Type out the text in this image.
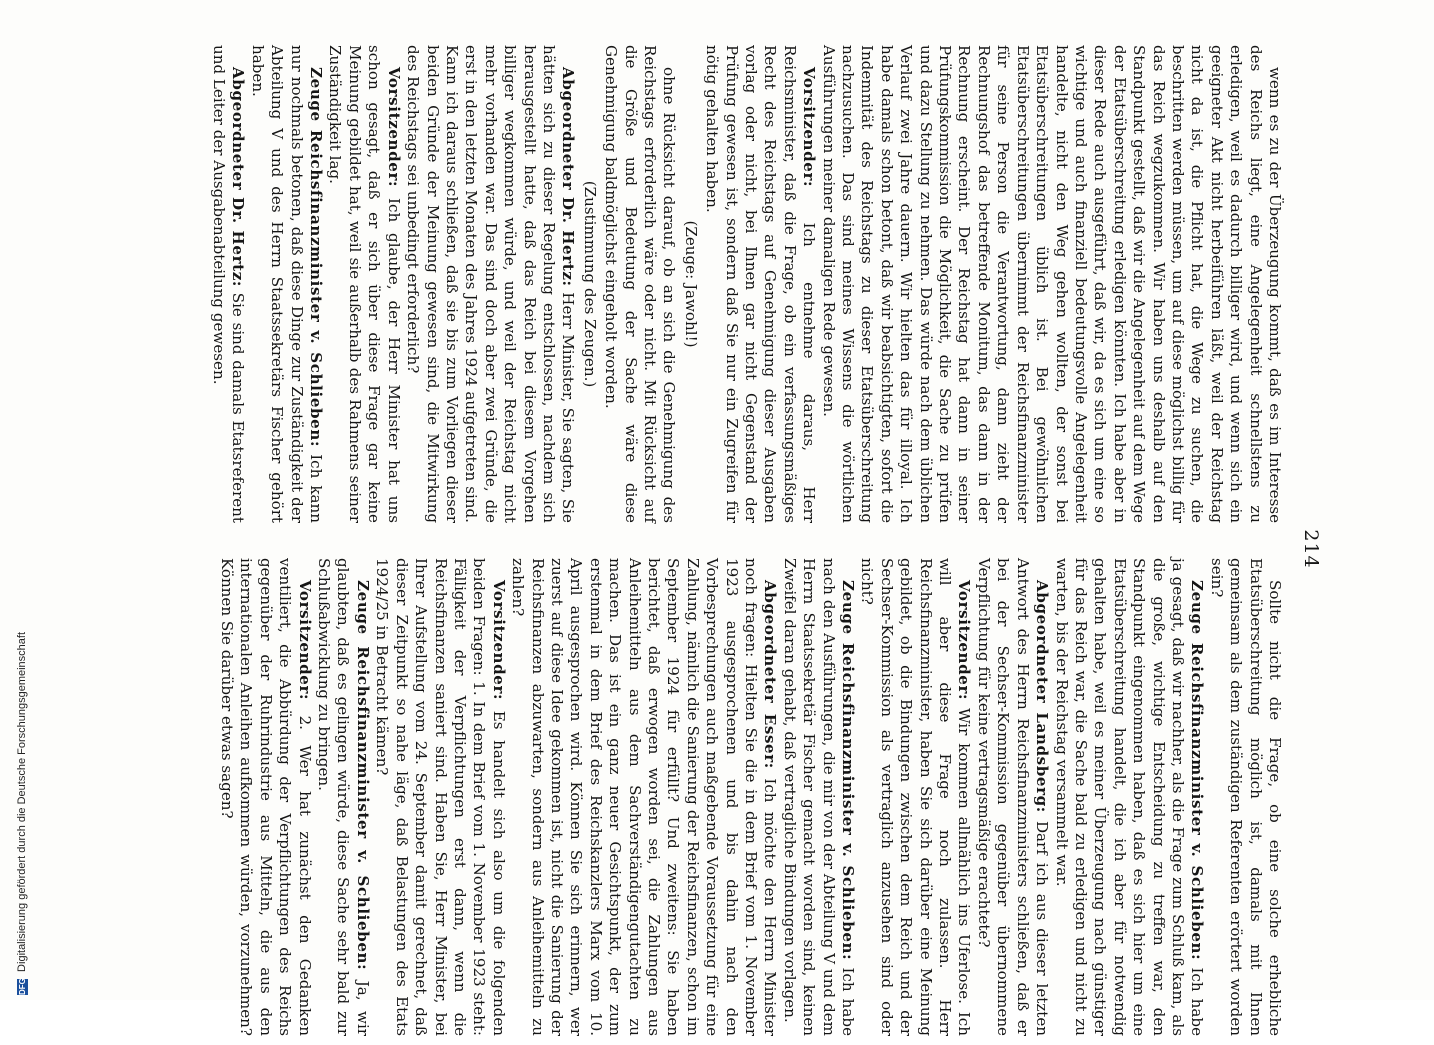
214

wenn es zu der Überzeugung kommt, daß es im Interesse des Reichs liegt, eine Angelegenheit schnellstens zu erledigen, weil es dadurch billiger wird, und wenn sich ein geeigneter Akt nicht herbeiführen läßt, weil der Reichstag nicht da ist, die Pflicht hat, die Wege zu suchen, die beschritten werden müssen, um auf diese möglichst billig für das Reich wegzukommen. Wir haben uns deshalb auf den Standpunkt gestellt, daß wir die Angelegenheit auf dem Wege der Etatsüberschreitung erledigen könnten. Ich habe aber in dieser Rede auch ausgeführt, daß wir, da es sich um eine so wichtige und auch finanziell bedeutungsvolle Angelegenheit handelte, nicht den Weg gehen wollten, der sonst bei Etatsüberschreitungen üblich ist. Bei gewöhnlichen Etatsüberschreitungen übernimmt der Reichsfinanzminister für seine Person die Verantwortung, dann zieht der Rechnungshof das betreffende Monitum, das dann in der Rechnung erscheint. Der Reichstag hat dann in seiner Prüfungskommission die Möglichkeit, die Sache zu prüfen und dazu Stellung zu nehmen. Das würde nach dem üblichen Verlauf zwei Jahre dauern. Wir hielten das für illoyal. Ich habe damals schon betont, daß wir beabsichtigten, sofort die Indemnität des Reichstags zu dieser Etatsüberschreitung nachzusuchen. Das sind meines Wissens die wörtlichen Ausführungen meiner damaligen Rede gewesen.

Vorsitzender: Ich entnehme daraus, Herr Reichsminister, daß die Frage, ob ein verfassungsmäßiges Recht des Reichstags auf Genehmigung dieser Ausgaben vorlag oder nicht, bei Ihnen gar nicht Gegenstand der Prüfung gewesen ist, sondern daß Sie nur ein Zugreifen für nötig gehalten haben.

(Zeuge: Jawohl!)

ohne Rücksicht darauf, ob an sich die Genehmigung des Reichstags erforderlich wäre oder nicht. Mit Rücksicht auf die Größe und Bedeutung der Sache wäre diese Genehmigung baldmöglichst eingeholt worden.

(Zustimmung des Zeugen.)

Abgeordneter Dr. Hertz: Herr Minister, Sie sagten, Sie hätten sich zu dieser Regelung entschlossen, nachdem sich herausgestellt hatte, daß das Reich bei diesem Vorgehen billiger wegkommen würde, und weil der Reichstag nicht mehr vorhanden war. Das sind doch aber zwei Gründe, die erst in den letzten Monaten des Jahres 1924 aufgetreten sind. Kann ich daraus schließen, daß sie bis zum Vorliegen dieser beiden Gründe der Meinung gewesen sind, die Mitwirkung des Reichstags sei unbedingt erforderlich?

Vorsitzender: Ich glaube, der Herr Minister hat uns schon gesagt, daß er sich über diese Frage gar keine Meinung gebildet hat, weil sie außerhalb des Rahmens seiner Zuständigkeit lag.

Zeuge Reichsfinanzminister v. Schlieben: Ich kann nur nochmals betonen, daß diese Dinge zur Zuständigkeit der Abteilung V und des Herrn Staatssekretärs Fischer gehört haben.

Abgeordneter Dr. Hertz: Sie sind damals Etatsreferent und Leiter der Ausgabenabteilung gewesen.

Sollte nicht die Frage, ob eine solche erhebliche Etatsüberschreitung möglich ist, damals mit Ihnen gemeinsam als dem zuständigen Referenten erörtert worden sein?

Zeuge Reichsfinanzminister v. Schlieben: Ich habe ja gesagt, daß wir nachher, als die Frage zum Schluß kam, als die große, wichtige Entscheidung zu treffen war, den Standpunkt eingenommen haben, daß es sich hier um eine Etatsüberschreitung handelt, die ich aber für notwendig gehalten habe, weil es meiner Überzeugung nach günstiger für das Reich war, die Sache bald zu erledigen und nicht zu warten, bis der Reichstag versammelt war.

Abgeordneter Landsberg: Darf ich aus dieser letzten Antwort des Herrn Reichsfinanzministers schließen, daß er bei der Sechser-Kommission gegenüber übernommene Verpflichtung für keine vertragsmäßige erachtete?

Vorsitzender: Wir kommen allmählich ins Uferlose. Ich will aber diese Frage noch zulassen. Herr Reichsfinanzminister, haben Sie sich darüber eine Meinung gebildet, ob die Bindungen zwischen dem Reich und der Sechser-Kommission als vertraglich anzusehen sind oder nicht?

Zeuge Reichsfinanzminister v. Schlieben: Ich habe nach den Ausführungen, die mir von der Abteilung V und dem Herrn Staatssekretär Fischer gemacht worden sind, keinen Zweifel daran gehabt, daß vertragliche Bindungen vorlagen.

Abgeordneter Esser: Ich möchte den Herrn Minister noch fragen: Hielten Sie die in dem Brief vom 1. November 1923 ausgesprochenen und bis dahin nach den Vorbesprechungen auch maßgebende Voraussetzung für eine Zahlung, nämlich die Sanierung der Reichsfinanzen, schon im September 1924 für erfüllt? Und zweitens: Sie haben berichtet, daß erwogen worden sei, die Zahlungen aus Anleihemitteln aus dem Sachverständigengutachten zu machen. Das ist ein ganz neuer Gesichtspunkt, der zum erstenmal in dem Brief des Reichskanzlers Marx vom 10. April ausgesprochen wird. Können Sie sich erinnern, wer zuerst auf diese Idee gekommen ist, nicht die Sanierung der Reichsfinanzen abzuwarten, sondern aus Anleihemitteln zu zahlen?

Vorsitzender: Es handelt sich also um die folgenden beiden Fragen: 1. In dem Brief vom 1. November 1923 steht: Fälligkeit der Verpflichtungen erst dann, wenn die Reichsfinanzen saniert sind. Haben Sie, Herr Minister, bei Ihrer Aufstellung vom 24. September damit gerechnet, daß dieser Zeitpunkt so nahe läge, daß Belastungen des Etats 1924/25 in Betracht kämen?

Zeuge Reichsfinanzminister v. Schlieben: Ja, wir glaubten, daß es gelingen würde, diese Sache sehr bald zur Schlußabwicklung zu bringen.

Vorsitzender: 2. Wer hat zunächst den Gedanken ventiliert, die Abbürdung der Verpflichtungen des Reichs gegenüber der Ruhrindustrie aus Mitteln, die aus den internationalen Anleihen aufkommen würden, vorzunehmen? Können Sie darüber etwas sagen?

DFG Digitalisierung gefördert durch die Deutsche Forschungsgemeinschaft
